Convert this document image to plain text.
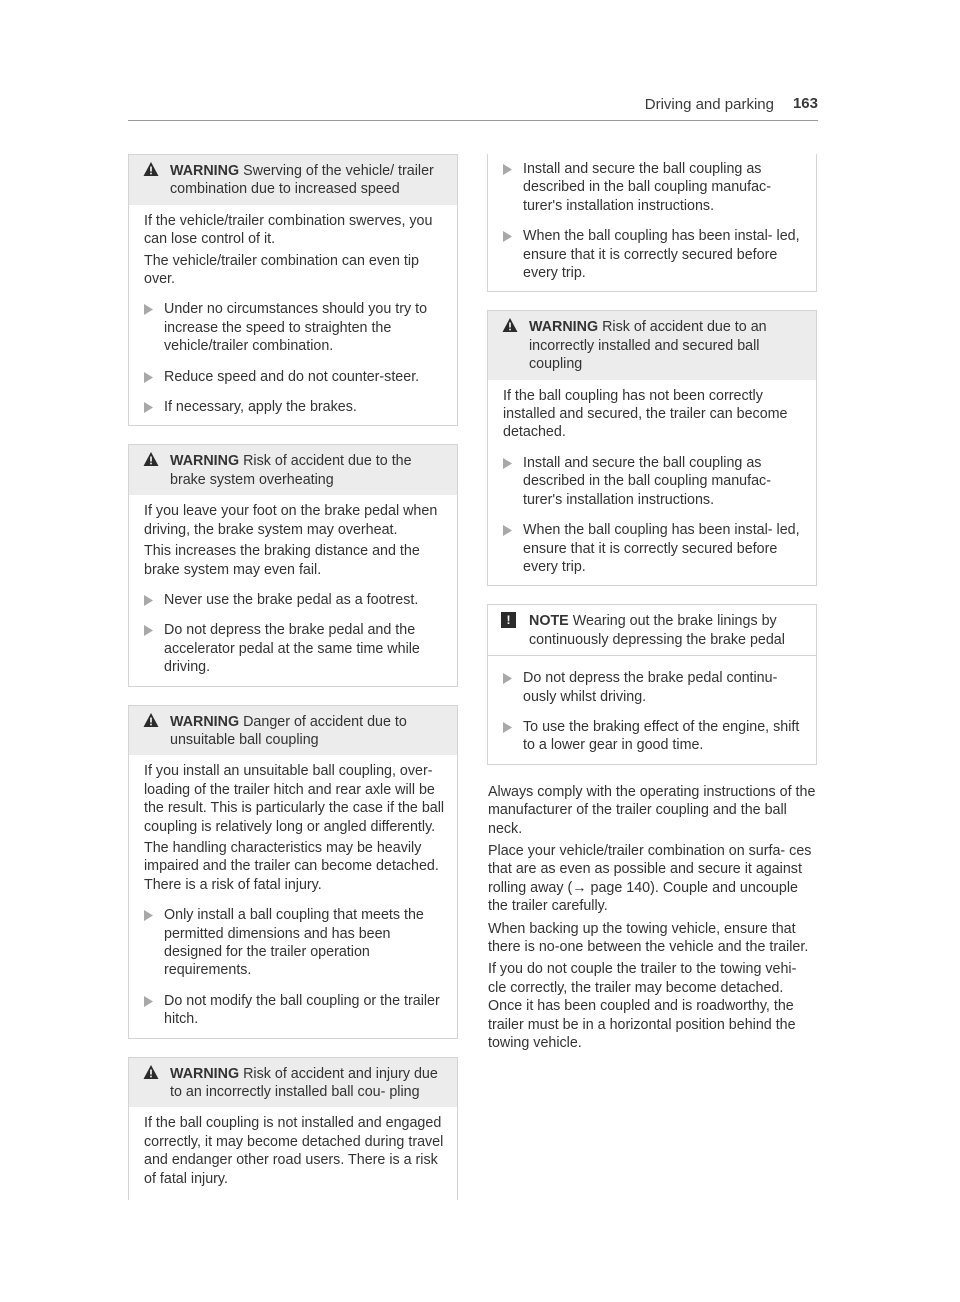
Driving and parking 163
WARNING Swerving of the vehicle/ trailer combination due to increased speed

If the vehicle/trailer combination swerves, you can lose control of it.

The vehicle/trailer combination can even tip over.

Under no circumstances should you try to increase the speed to straighten the vehicle/trailer combination.
Reduce speed and do not counter-steer.
If necessary, apply the brakes.
WARNING Risk of accident due to the brake system overheating

If you leave your foot on the brake pedal when driving, the brake system may overheat.

This increases the braking distance and the brake system may even fail.

Never use the brake pedal as a footrest.
Do not depress the brake pedal and the accelerator pedal at the same time while driving.
WARNING Danger of accident due to unsuitable ball coupling

If you install an unsuitable ball coupling, over- loading of the trailer hitch and rear axle will be the result. This is particularly the case if the ball coupling is relatively long or angled differently.

The handling characteristics may be heavily impaired and the trailer can become detached. There is a risk of fatal injury.

Only install a ball coupling that meets the permitted dimensions and has been designed for the trailer operation requirements.
Do not modify the ball coupling or the trailer hitch.
WARNING Risk of accident and injury due to an incorrectly installed ball cou- pling

If the ball coupling is not installed and engaged correctly, it may become detached during travel and endanger other road users. There is a risk of fatal injury.

Install and secure the ball coupling as described in the ball coupling manufac- turer's installation instructions.
When the ball coupling has been instal- led, ensure that it is correctly secured before every trip.
WARNING Risk of accident due to an incorrectly installed and secured ball coupling

If the ball coupling has not been correctly installed and secured, the trailer can become detached.

Install and secure the ball coupling as described in the ball coupling manufac- turer's installation instructions.
When the ball coupling has been instal- led, ensure that it is correctly secured before every trip.
!	NOTE Wearing out the brake linings by continuously depressing the brake pedal
Do not depress the brake pedal continu- ously whilst driving.
To use the braking effect of the engine, shift to a lower gear in good time.

Always comply with the operating instructions of the manufacturer of the trailer coupling and the ball neck.

Place your vehicle/trailer combination on surfa- ces that are as even as possible and secure it against rolling away (→ page 140). Couple and uncouple the trailer carefully.

When backing up the towing vehicle, ensure that there is no-one between the vehicle and the trailer.

If you do not couple the trailer to the towing vehi- cle correctly, the trailer may become detached. Once it has been coupled and is roadworthy, the trailer must be in a horizontal position behind the towing vehicle.
